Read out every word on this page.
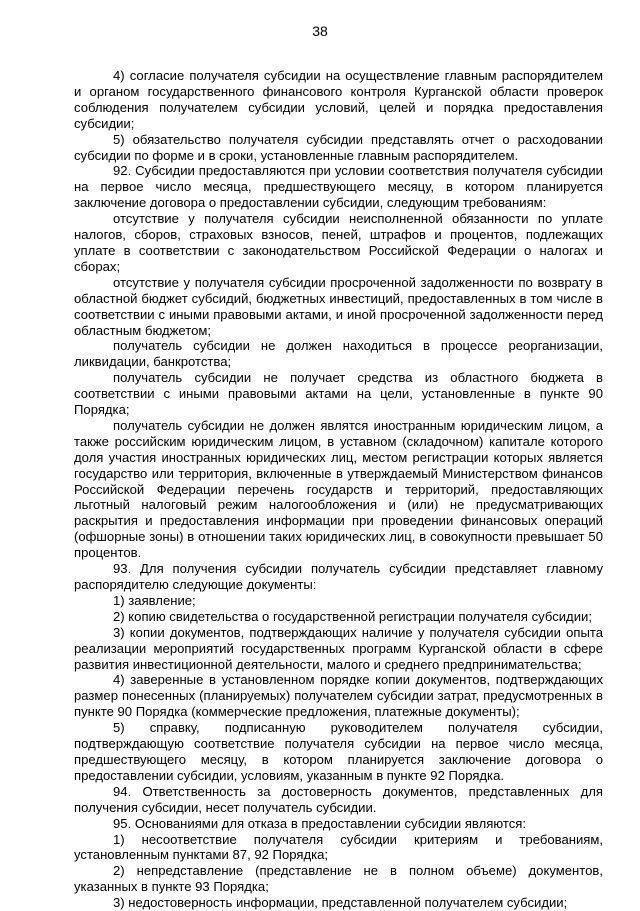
38

4) согласие получателя субсидии на осуществление главным распорядителем и органом государственного финансового контроля Курганской области проверок соблюдения получателем субсидии условий, целей и порядка предоставления субсидии;

5) обязательство получателя субсидии представлять отчет о расходовании субсидии по форме и в сроки, установленные главным распорядителем.

92. Субсидии предоставляются при условии соответствия получателя субсидии на первое число месяца, предшествующего месяцу, в котором планируется заключение договора о предоставлении субсидии, следующим требованиям:

отсутствие у получателя субсидии неисполненной обязанности по уплате налогов, сборов, страховых взносов, пеней, штрафов и процентов, подлежащих уплате в соответствии с законодательством Российской Федерации о налогах и сборах;

отсутствие у получателя субсидии просроченной задолженности по возврату в областной бюджет субсидий, бюджетных инвестиций, предоставленных в том числе в соответствии с иными правовыми актами, и иной просроченной задолженности перед областным бюджетом;

получатель субсидии не должен находиться в процессе реорганизации, ликвидации, банкротства;

получатель субсидии не получает средства из областного бюджета в соответствии с иными правовыми актами на цели, установленные в пункте 90 Порядка;

получатель субсидии не должен являтся иностранным юридическим лицом, а также российским юридическим лицом, в уставном (складочном) капитале которого доля участия иностранных юридических лиц, местом регистрации которых является государство или территория, включенные в утверждаемый Министерством финансов Российской Федерации перечень государств и территорий, предоставляющих льготный налоговый режим налогообложения и (или) не предусматривающих раскрытия и предоставления информации при проведении финансовых операций (офшорные зоны) в отношении таких юридических лиц, в совокупности превышает 50 процентов.

93. Для получения субсидии получатель субсидии представляет главному распорядителю следующие документы:

1) заявление;

2) копию свидетельства о государственной регистрации получателя субсидии;

3) копии документов, подтверждающих наличие у получателя субсидии опыта реализации мероприятий государственных программ Курганской области в сфере развития инвестиционной деятельности, малого и среднего предпринимательства;

4) заверенные в установленном порядке копии документов, подтверждающих размер понесенных (планируемых) получателем субсидии затрат, предусмотренных в пункте 90 Порядка (коммерческие предложения, платежные документы);

5) справку, подписанную руководителем получателя субсидии, подтверждающую соответствие получателя субсидии на первое число месяца, предшествующего месяцу, в котором планируется заключение договора о предоставлении субсидии, условиям, указанным в пункте 92 Порядка.

94. Ответственность за достоверность документов, представленных для получения субсидии, несет получатель субсидии.

95. Основаниями для отказа в предоставлении субсидии являются:

1) несоответствие получателя субсидии критериям и требованиям, установленным пунктами 87, 92 Порядка;

2) непредставление (представление не в полном объеме) документов, указанных в пункте 93 Порядка;

3) недостоверность информации, представленной получателем субсидии;
